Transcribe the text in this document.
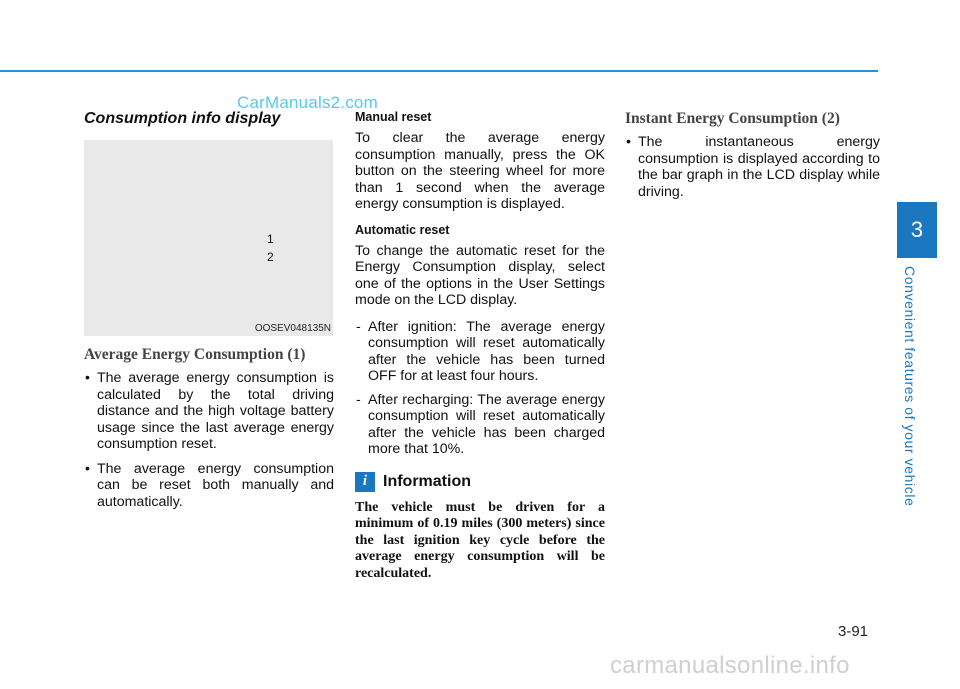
CarManuals2.com
3
Convenient features of your vehicle
Consumption info display
1
2
OOSEV048135N
Average Energy Consumption (1)
• The average energy consumption is calculated by the total driving distance and the high voltage battery usage since the last average energy consumption reset.
• The average energy consumption can be reset both manually and automatically.
Manual reset

To clear the average energy consumption manually, press the OK button on the steering wheel for more than 1 second when the average energy consumption is displayed.

Automatic reset

To change the automatic reset for the Energy Consumption display, select one of the options in the User Settings mode on the LCD display.

- After ignition: The average energy consumption will reset automatically after the vehicle has been turned OFF for at least four hours.
- After recharging: The average energy consumption will reset automatically after the vehicle has been charged more that 10%.
i Information

The vehicle must be driven for a minimum of 0.19 miles (300 meters) since the last ignition key cycle before the average energy consumption will be recalculated.

Instant Energy Consumption (2)
• The instantaneous energy consumption is displayed according to the bar graph in the LCD display while driving.
3-91
carmanualsonline.info
